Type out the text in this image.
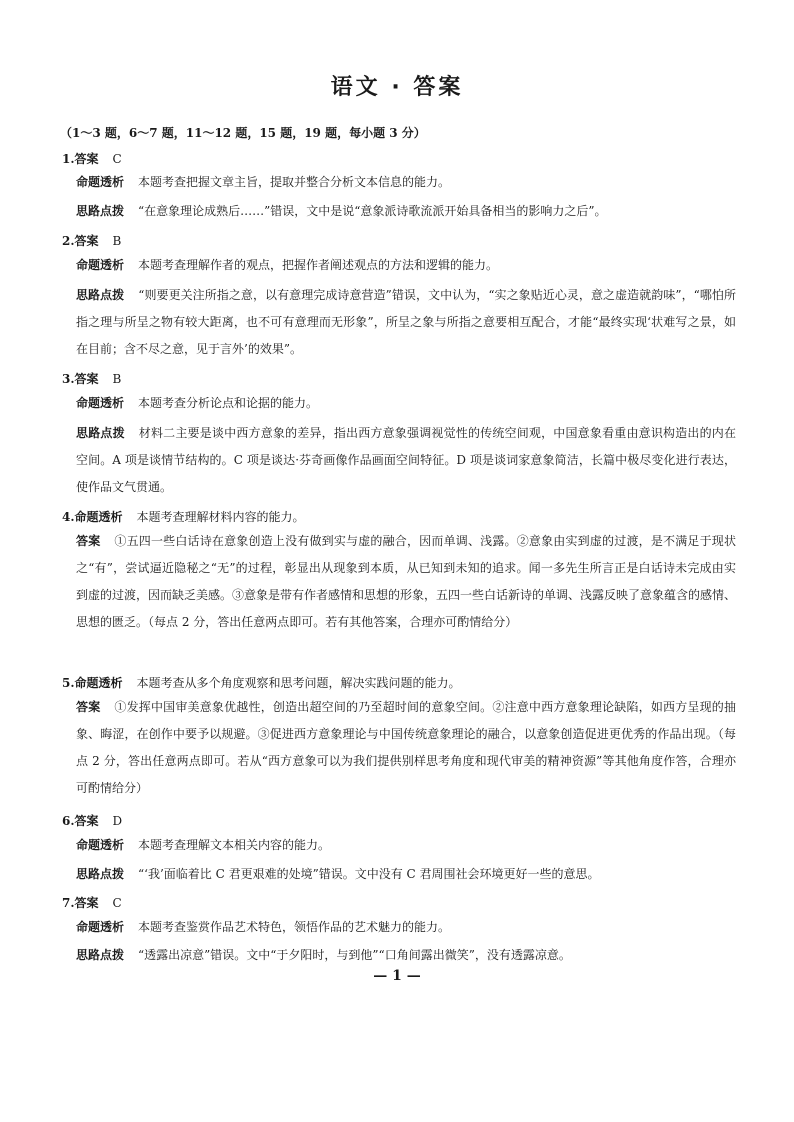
语文 · 答案
（1～3 题，6～7 题，11～12 题，15 题，19 题，每小题 3 分）
1.答案 C
命题透析 本题考查把握文章主旨，提取并整合分析文本信息的能力。
思路点拨 “在意象理论成熟后……”错误，文中是说“意象派诗歌流派开始具备相当的影响力之后”。
2.答案 B
命题透析 本题考查理解作者的观点，把握作者阐述观点的方法和逻辑的能力。
思路点拨 “则要更关注所指之意，以有意理完成诗意营造”错误，文中认为，“实之象贴近心灵，意之虚造就韵味”，“哪怕所指之理与所呈之物有较大距离，也不可有意理而无形象”，所呈之象与所指之意要相互配合，才能“最终实现‘状难写之景，如在目前；含不尽之意，见于言外’的效果”。
3.答案 B
命题透析 本题考查分析论点和论据的能力。
思路点拨 材料二主要是谈中西方意象的差异，指出西方意象强调视觉性的传统空间观，中国意象看重由意识构造出的内在空间。A 项是谈情节结构的。C 项是谈达·芬奇画像作品画面空间特征。D 项是谈词家意象简洁，长篇中极尽变化进行表达，使作品文气贯通。
4.命题透析 本题考查理解材料内容的能力。
答案 ①五四一些白话诗在意象创造上没有做到实与虚的融合，因而单调、浅露。②意象由实到虚的过渡，是不满足于现状之“有”，尝试逼近隐秘之“无”的过程，彰显出从现象到本质，从已知到未知的追求。闻一多先生所言正是白话诗未完成由实到虚的过渡，因而缺乏美感。③意象是带有作者感情和思想的形象，五四一些白话新诗的单调、浅露反映了意象蕴含的感情、思想的匮乏。（每点 2 分，答出任意两点即可。若有其他答案，合理亦可酌情给分）
5.命题透析 本题考查从多个角度观察和思考问题，解决实践问题的能力。
答案 ①发挥中国审美意象优越性，创造出超空间的乃至超时间的意象空间。②注意中西方意象理论缺陷，如西方呈现的抽象、晦涩，在创作中要予以规避。③促进西方意象理论与中国传统意象理论的融合，以意象创造促进更优秀的作品出现。（每点 2 分，答出任意两点即可。若从“西方意象可以为我们提供别样思考角度和现代审美的精神资源”等其他角度作答，合理亦可酌情给分）
6.答案 D
命题透析 本题考查理解文本相关内容的能力。
思路点拨 “‘我’面临着比 C 君更艰难的处境”错误。文中没有 C 君周围社会环境更好一些的意思。
7.答案 C
命题透析 本题考查鉴赏作品艺术特色，领悟作品的艺术魅力的能力。
思路点拨 “透露出凉意”错误。文中“于夕阳时，与到他”“口角间露出微笑”，没有透露凉意。
— 1 —
